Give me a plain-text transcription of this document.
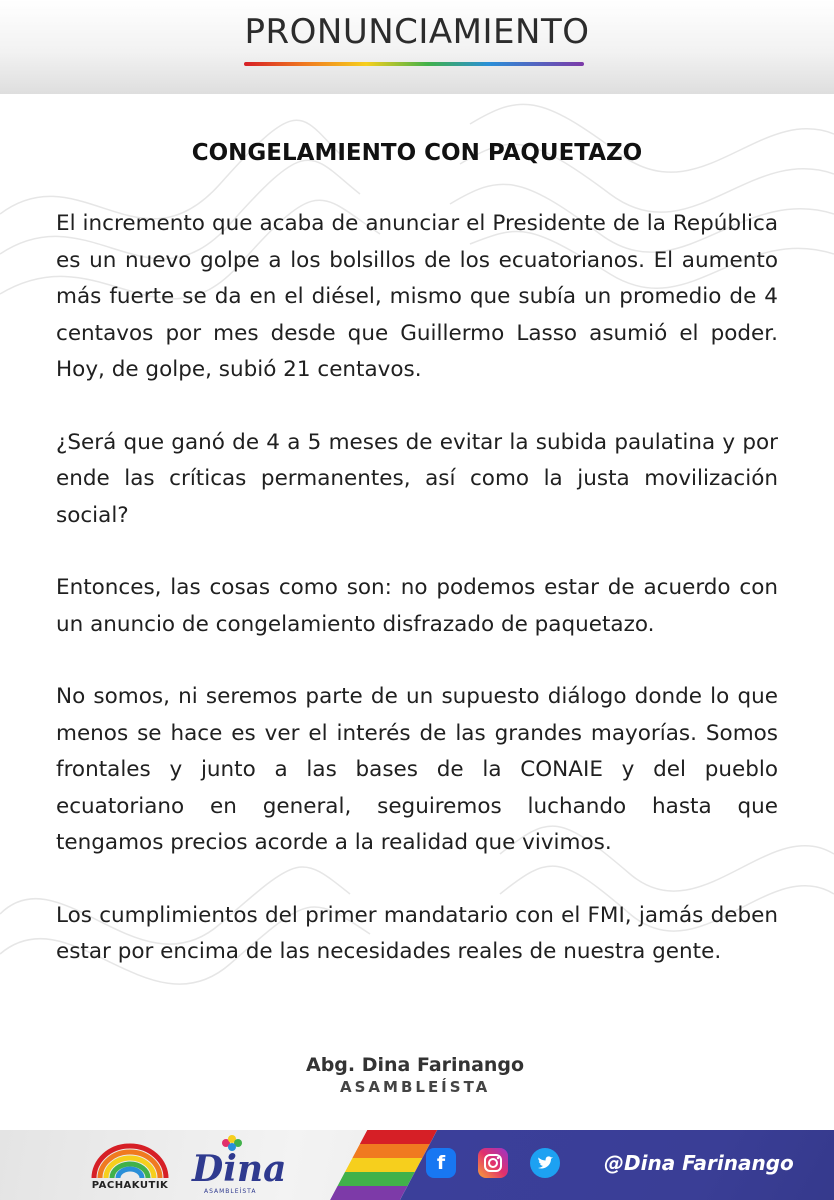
PRONUNCIAMIENTO
CONGELAMIENTO CON PAQUETAZO

El incremento que acaba de anunciar el Presidente de la República es un nuevo golpe a los bolsillos de los ecuatorianos. El aumento más fuerte se da en el diésel, mismo que subía un promedio de 4 centavos por mes desde que Guillermo Lasso asumió el poder. Hoy, de golpe, subió 21 centavos.

¿Será que ganó de 4 a 5 meses de evitar la subida paulatina y por ende las críticas permanentes, así como la justa movilización social?

Entonces, las cosas como son: no podemos estar de acuerdo con un anuncio de congelamiento disfrazado de paquetazo.

No somos, ni seremos parte de un supuesto diálogo donde lo que menos se hace es ver el interés de las grandes mayorías. Somos frontales y junto a las bases de la CONAIE y del pueblo ecuatoriano en general, seguiremos luchando hasta que tengamos precios acorde a la realidad que vivimos.

Los cumplimientos del primer mandatario con el FMI, jamás deben estar por encima de las necesidades reales de nuestra gente.

Abg. Dina Farinango
ASAMBLEÍSTA
PACHAKUTIK Dina
ASAMBLEÍSTA
f	@Dina Farinango
